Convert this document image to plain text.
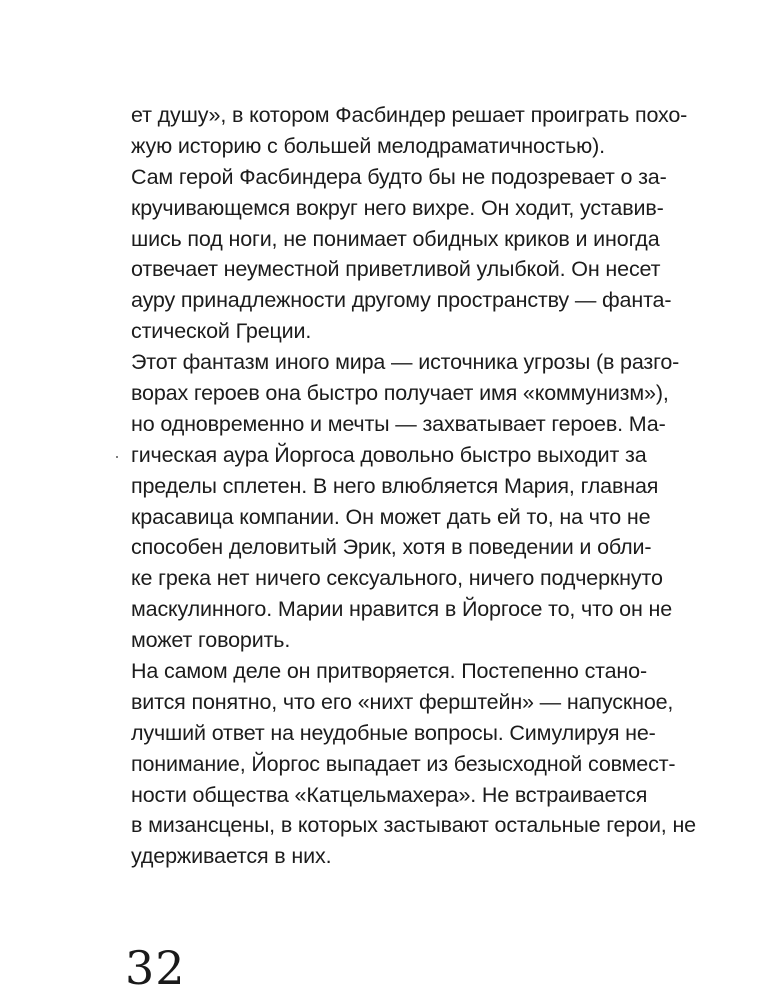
ет душу», в котором Фасбиндер решает проиграть похо-
жую историю с большей мелодраматичностью).
Сам герой Фасбиндера будто бы не подозревает о за-
кручивающемся вокруг него вихре. Он ходит, уставив-
шись под ноги, не понимает обидных криков и иногда
отвечает неуместной приветливой улыбкой. Он несет
ауру принадлежности другому пространству — фанта-
стической Греции.
Этот фантазм иного мира — источника угрозы (в разго-
ворах героев она быстро получает имя «коммунизм»),
но одновременно и мечты — захватывает героев. Ма-
гическая аура Йоргоса довольно быстро выходит за
пределы сплетен. В него влюбляется Мария, главная
красавица компании. Он может дать ей то, на что не
способен деловитый Эрик, хотя в поведении и обли-
ке грека нет ничего сексуального, ничего подчеркнуто
маскулинного. Марии нравится в Йоргосе то, что он не
может говорить.
На самом деле он притворяется. Постепенно стано-
вится понятно, что его «нихт ферштейн» — напускное,
лучший ответ на неудобные вопросы. Симулируя не-
понимание, Йоргос выпадает из безысходной совмест-
ности общества «Катцельмахера». Не встраивается
в мизансцены, в которых застывают остальные герои, не
удерживается в них.
32
